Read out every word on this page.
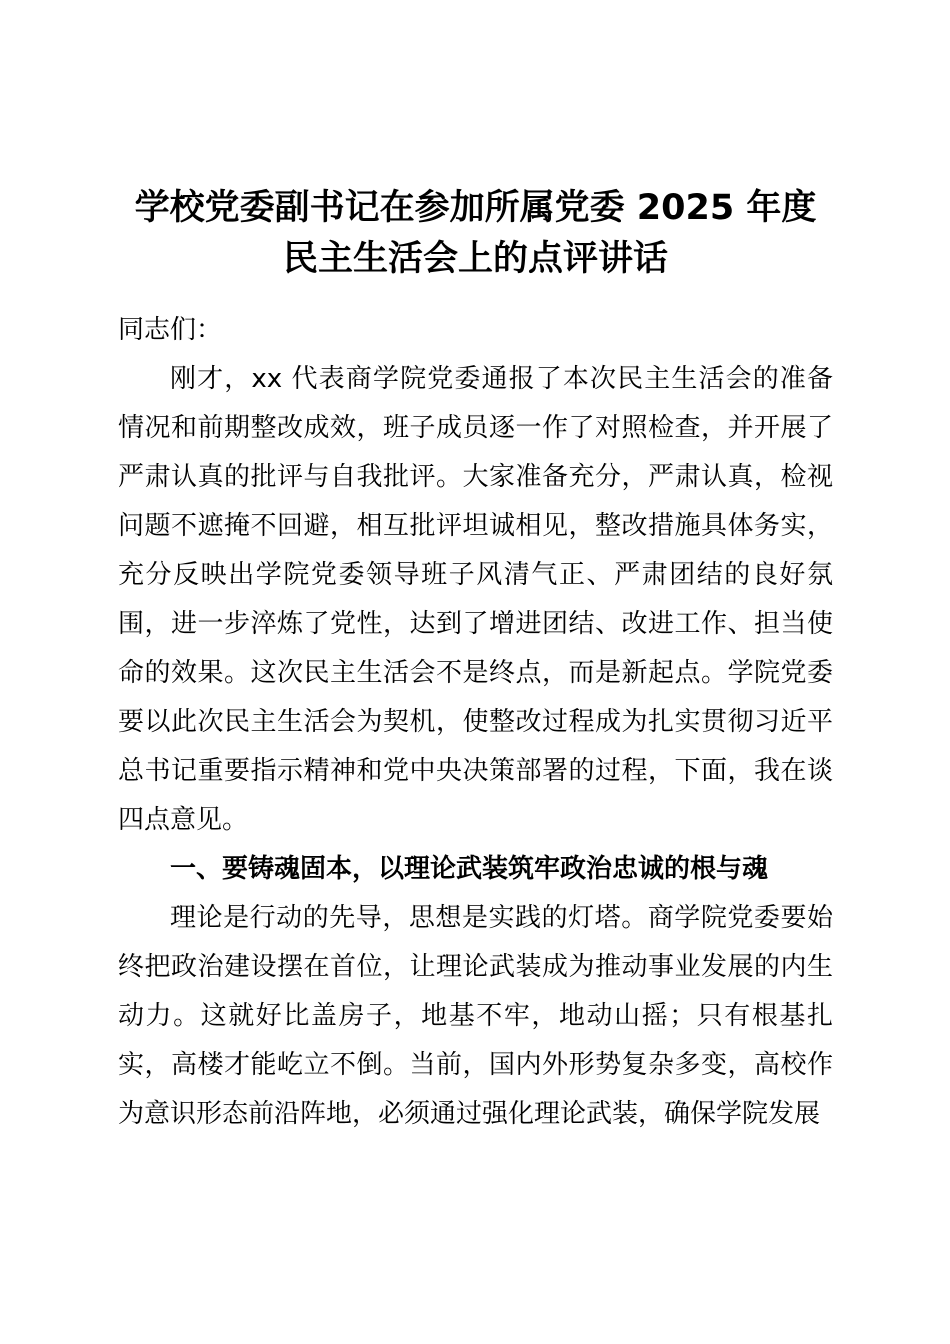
学校党委副书记在参加所属党委 2025 年度民主生活会上的点评讲话

同志们：

刚才，xx 代表商学院党委通报了本次民主生活会的准备情况和前期整改成效，班子成员逐一作了对照检查，并开展了严肃认真的批评与自我批评。大家准备充分，严肃认真，检视问题不遮掩不回避，相互批评坦诚相见，整改措施具体务实，充分反映出学院党委领导班子风清气正、严肃团结的良好氛围，进一步淬炼了党性，达到了增进团结、改进工作、担当使命的效果。这次民主生活会不是终点，而是新起点。学院党委要以此次民主生活会为契机，使整改过程成为扎实贯彻习近平总书记重要指示精神和党中央决策部署的过程，下面，我在谈四点意见。

一、要铸魂固本，以理论武装筑牢政治忠诚的根与魂

理论是行动的先导，思想是实践的灯塔。商学院党委要始终把政治建设摆在首位，让理论武装成为推动事业发展的内生动力。这就好比盖房子，地基不牢，地动山摇；只有根基扎实，高楼才能屹立不倒。当前，国内外形势复杂多变，高校作为意识形态前沿阵地，必须通过强化理论武装，确保学院发展
